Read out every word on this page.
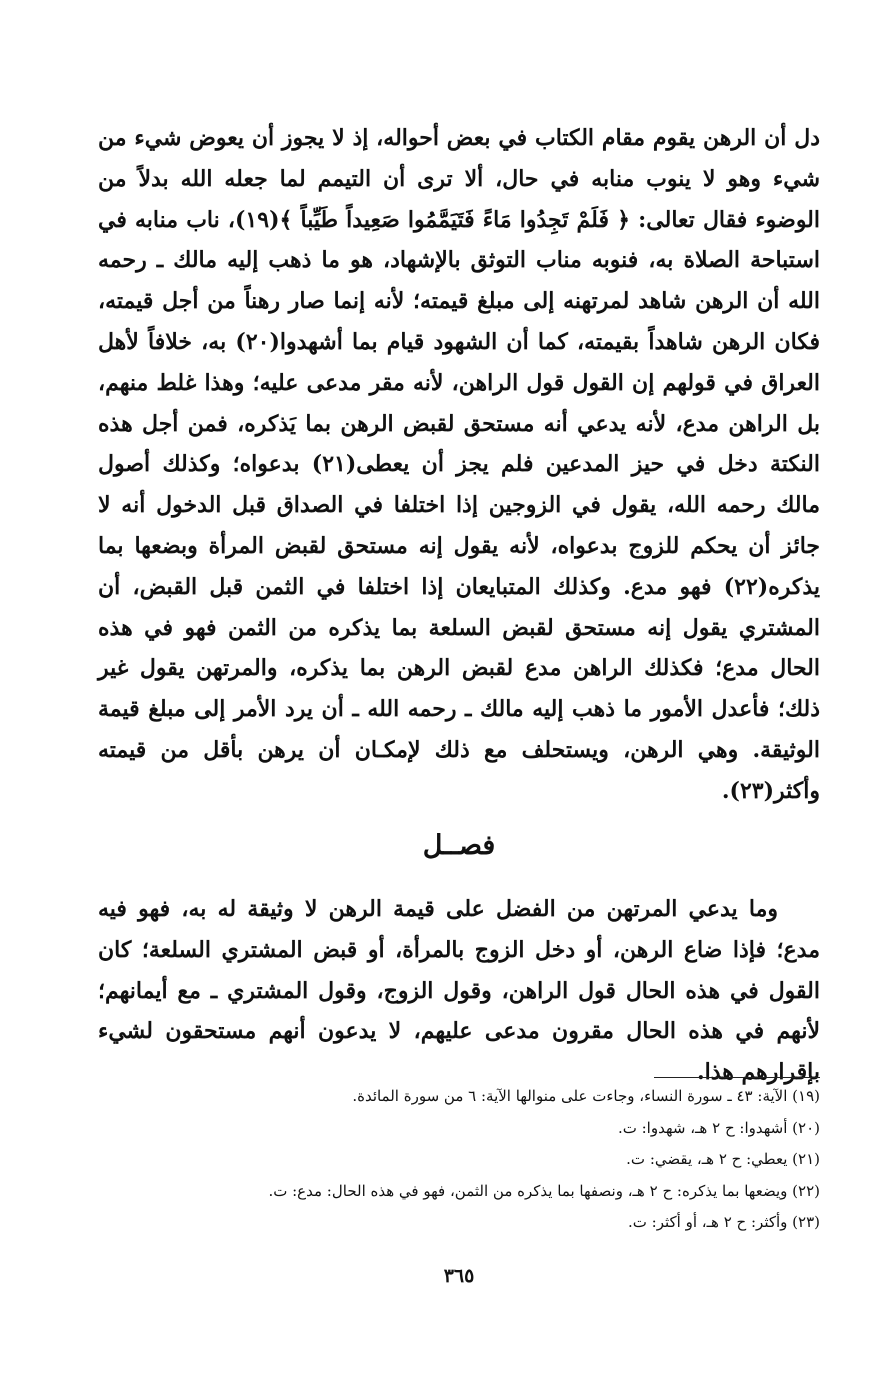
دل أن الرهن يقوم مقام الكتاب في بعض أحواله، إذ لا يجوز أن يعوض شيء من شيء وهو لا ينوب منابه في حال، ألا ترى أن التيمم لما جعله الله بدلاً من الوضوء فقال تعالى: ﴿ فَلَمْ تَجِدُوا مَاءً فَتَيَمَّمُوا صَعِيداً طَيِّباً ﴾(١٩)، ناب منابه في استباحة الصلاة به، فنوبه مناب التوثق بالإشهاد، هو ما ذهب إليه مالك ـ رحمه الله أن الرهن شاهد لمرتهنه إلى مبلغ قيمته؛ لأنه إنما صار رهناً من أجل قيمته، فكان الرهن شاهداً بقيمته، كما أن الشهود قيام بما أشهدوا(٢٠) به، خلافاً لأهل العراق في قولهم إن القول قول الراهن، لأنه مقر مدعى عليه؛ وهذا غلط منهم، بل الراهن مدع، لأنه يدعي أنه مستحق لقبض الرهن بما يَذكره، فمن أجل هذه النكتة دخل في حيز المدعين فلم يجز أن يعطى(٢١) بدعواه؛ وكذلك أصول مالك رحمه الله، يقول في الزوجين إذا اختلفا في الصداق قبل الدخول أنه لا جائز أن يحكم للزوج بدعواه، لأنه يقول إنه مستحق لقبض المرأة وبضعها بما يذكره(٢٢) فهو مدع. وكذلك المتبايعان إذا اختلفا في الثمن قبل القبض، أن المشتري يقول إنه مستحق لقبض السلعة بما يذكره من الثمن فهو في هذه الحال مدع؛ فكذلك الراهن مدع لقبض الرهن بما يذكره، والمرتهن يقول غير ذلك؛ فأعدل الأمور ما ذهب إليه مالك ـ رحمه الله ـ أن يرد الأمر إلى مبلغ قيمة الوثيقة. وهي الرهن، ويستحلف مع ذلك لإمكـان أن يرهن بأقل من قيمته وأكثر(٢٣).

فصــل

وما يدعي المرتهن من الفضل على قيمة الرهن لا وثيقة له به، فهو فيه مدع؛ فإذا ضاع الرهن، أو دخل الزوج بالمرأة، أو قبض المشتري السلعة؛ كان القول في هذه الحال قول الراهن، وقول الزوج، وقول المشتري ـ مع أيمانهم؛ لأنهم في هذه الحال مقرون مدعى عليهم، لا يدعون أنهم مستحقون لشيء بإقرارهم هذا.

(١٩) الآية: ٤٣ ـ سورة النساء، وجاءت على منوالها الآية: ٦ من سورة المائدة.
(٢٠) أشهدوا: ح ٢ هـ، شهدوا: ت.
(٢١) يعطي: ح ٢ هـ، يقضي: ت.
(٢٢) ويضعها بما يذكره: ح ٢ هـ، ونصفها بما يذكره من الثمن، فهو في هذه الحال: مدع: ت.
(٢٣) وأكثر: ح ٢ هـ، أو أكثر: ت.
٣٦٥
